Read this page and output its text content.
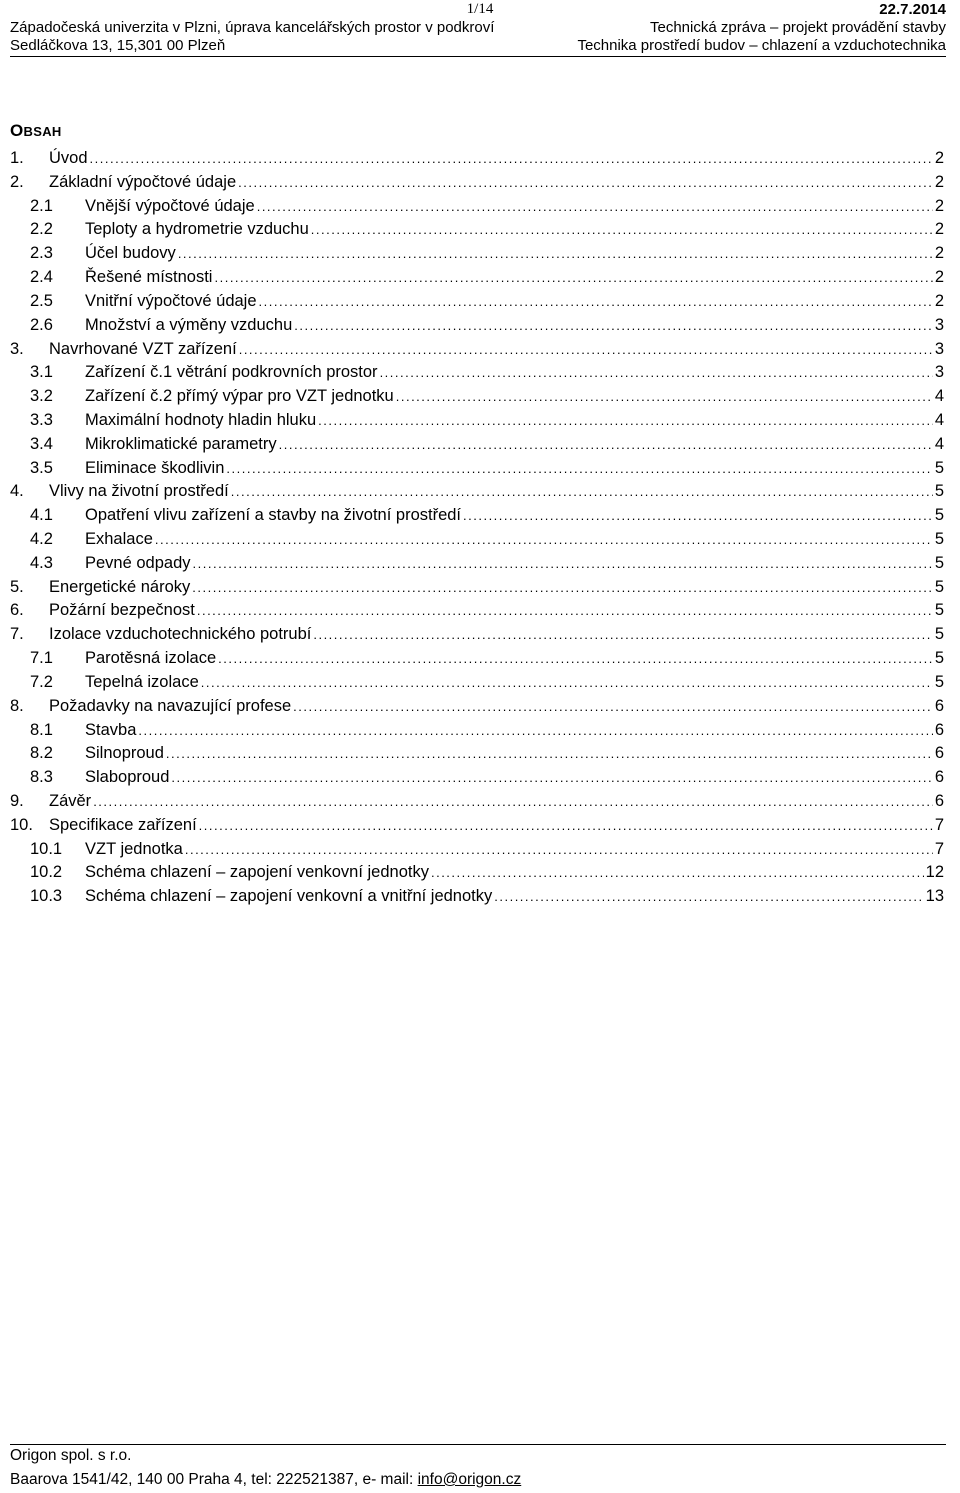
1/14	22.7.2014
Západočeská univerzita v Plzni, úprava kancelářských prostor v podkroví	Technická zpráva – projekt provádění stavby
Sedláčkova 13, 15,301 00 Plzeň	Technika prostředí budov – chlazení a vzduchotechnika
OBSAH
1.	Úvod .....	2
2.	Základní výpočtové údaje .....	2
2.1	Vnější výpočtové údaje .....	2
2.2	Teploty a hydrometrie vzduchu .....	2
2.3	Účel budovy .....	2
2.4	Řešené místnosti .....	2
2.5	Vnitřní výpočtové údaje .....	2
2.6	Množství a výměny vzduchu .....	3
3.	Navrhované VZT zařízení .....	3
3.1	Zařízení č.1 větrání podkrovních prostor .....	3
3.2	Zařízení č.2 přímý výpar pro VZT jednotku .....	4
3.3	Maximální hodnoty hladin hluku .....	4
3.4	Mikroklimatické parametry .....	4
3.5	Eliminace škodlivin .....	5
4.	Vlivy na životní prostředí .....	5
4.1	Opatření vlivu zařízení a stavby na životní prostředí .....	5
4.2	Exhalace .....	5
4.3	Pevné odpady .....	5
5.	Energetické nároky .....	5
6.	Požární bezpečnost .....	5
7.	Izolace vzduchotechnického potrubí .....	5
7.1	Parotěsná izolace .....	5
7.2	Tepelná izolace .....	5
8.	Požadavky na navazující profese .....	6
8.1	Stavba .....	6
8.2	Silnoproud .....	6
8.3	Slaboproud .....	6
9.	Závěr .....	6
10. Specifikace zařízení .....	7
10.1	VZT jednotka .....	7
10.2	Schéma chlazení – zapojení venkovní jednotky .....	12
10.3	Schéma chlazení – zapojení venkovní a vnitřní jednotky .....	13
Origon spol. s r.o.
Baarova 1541/42, 140 00 Praha 4, tel: 222521387, e- mail: info@origon.cz
